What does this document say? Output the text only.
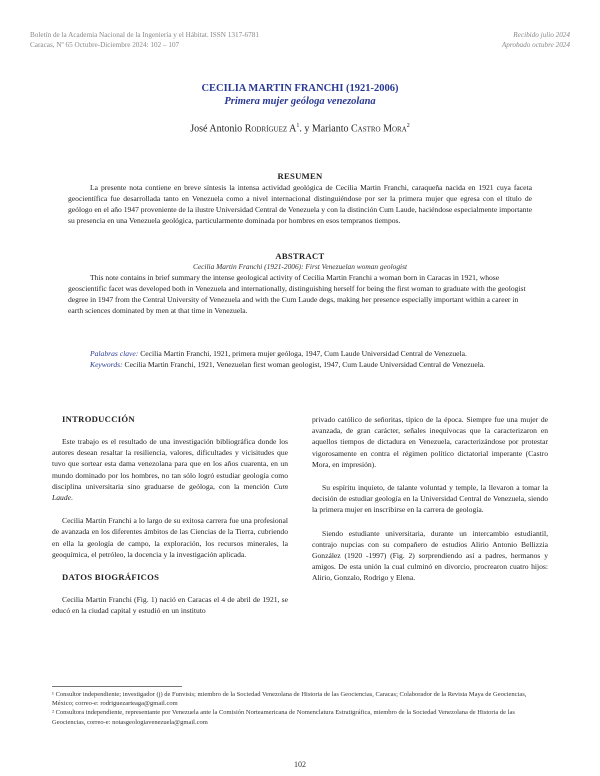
Boletín de la Academia Nacional de la Ingeniería y el Hábitat. ISSN 1317-6781
Caracas, Nº 65 Octubre-Diciembre 2024: 102 – 107
Recibido julio 2024
Aprobado octubre 2024
CECILIA MARTIN FRANCHI (1921-2006)
Primera mujer geóloga venezolana
José Antonio Rodríguez $A^1$. y Marianto Castro Mora$^2$
RESUMEN
La presente nota contiene en breve síntesis la intensa actividad geológica de Cecilia Martin Franchi, caraqueña nacida en 1921 cuya faceta geocientífica fue desarrollada tanto en Venezuela como a nivel internacional distinguiéndose por ser la primera mujer que egresa con el título de geólogo en el año 1947 proveniente de la ilustre Universidad Central de Venezuela y con la distinción Cum Laude, haciéndose especialmente importante su presencia en una Venezuela geológica, particularmente dominada por hombres en esos tempranos tiempos.
ABSTRACT
Cecilia Martin Franchi (1921-2006): First Venezuelan woman geologist
This note contains in brief summary the intense geological activity of Cecilia Martin Franchi a woman born in Caracas in 1921, whose geoscientific facet was developed both in Venezuela and internationally, distinguishing herself for being the first woman to graduate with the geologist degree in 1947 from the Central University of Venezuela and with the Cum Laude degs, making her presence especially important within a career in earth sciences dominated by men at that time in Venezuela.
Palabras clave: Cecilia Martin Franchi, 1921, primera mujer geóloga, 1947, Cum Laude Universidad Central de Venezuela.
Keywords: Cecilia Martin Franchi, 1921, Venezuelan first woman geologist, 1947, Cum Laude Universidad Central de Venezuela.
INTRODUCCIÓN

Este trabajo es el resultado de una investigación bibliográfica donde los autores desean resaltar la resiliencia, valores, dificultades y vicisitudes que tuvo que sortear esta dama venezolana para que en los años cuarenta, en un mundo dominado por los hombres, no tan sólo logró estudiar geología como disciplina universitaria sino graduarse de geóloga, con la mención Cum Laude.

Cecilia Martin Franchi a lo largo de su exitosa carrera fue una profesional de avanzada en los diferentes ámbitos de las Ciencias de la Tierra, cubriendo en ella la geología de campo, la exploración, los recursos minerales, la geoquímica, el petróleo, la docencia y la investigación aplicada.

DATOS BIOGRÁFICOS

Cecilia Martin Franchi (Fig. 1) nació en Caracas el 4 de abril de 1921, se educó en la ciudad capital y estudió en un instituto

privado católico de señoritas, típico de la época. Siempre fue una mujer de avanzada, de gran carácter, señales inequívocas que la caracterizaron en aquellos tiempos de dictadura en Venezuela, caracterizándose por protestar vigorosamente en contra el régimen político dictatorial imperante (Castro Mora, en impresión).

Su espíritu inquieto, de talante voluntad y temple, la llevaron a tomar la decisión de estudiar geología en la Universidad Central de Venezuela, siendo la primera mujer en inscribirse en la carrera de geología.

Siendo estudiante universitaria, durante un intercambio estudiantil, contrajo nupcias con su compañero de estudios Alirio Antonio Bellizzia González (1920 -1997) (Fig. 2) sorprendiendo así a padres, hermanos y amigos. De esta unión la cual culminó en divorcio, procrearon cuatro hijos: Alirio, Gonzalo, Rodrigo y Elena.

¹ Consultor independiente; investigador (j) de Funvisis; miembro de la Sociedad Venezolana de Historia de las Geociencias, Caracas; Colaborador de la Revista Maya de Geociencias, México; correo-e: rodriguezarteaga@gmail.com

² Consultora independiente, representante por Venezuela ante la Comisión Norteamericana de Nomenclatura Estratigráfica, miembro de la Sociedad Venezolana de Historia de las Geociencias, correo-e: notasgeologiavenezuela@gmail.com

102
